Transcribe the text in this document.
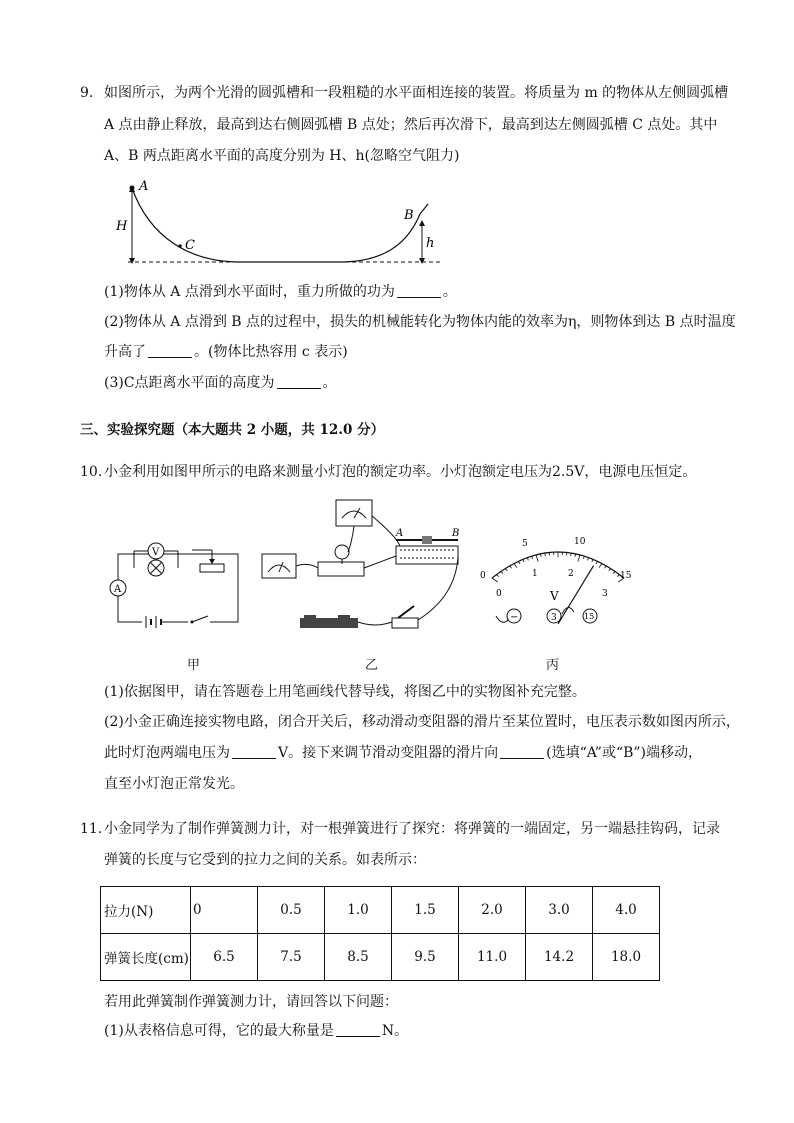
9. 如图所示，为两个光滑的圆弧槽和一段粗糙的水平面相连接的装置。将质量为 m 的物体从左侧圆弧槽
A 点由静止释放，最高到达右侧圆弧槽 B 点处；然后再次滑下，最高到达左侧圆弧槽 C 点处。其中
A、B 两点距离水平面的高度分别为 H、h(忽略空气阻力)
H
A
C
B
h
(1)物体从 A 点滑到水平面时，重力所做的功为	。
(2)物体从 A 点滑到 B 点的过程中，损失的机械能转化为物体内能的效率为η，则物体到达 B 点时温度
升高了	。(物体比热容用 c 表示)
(3)C点距离水平面的高度为	。
三、实验探究题（本大题共 2 小题，共 12.0 分）
10. 小金利用如图甲所示的电路来测量小灯泡的额定功率。小灯泡额定电压为2.5V，电源电压恒定。
V
A
A	B
0
5	10
15
0
1	2
3
V
−	3	15
甲	乙	丙
(1)依据图甲，请在答题卷上用笔画线代替导线，将图乙中的实物图补充完整。
(2)小金正确连接实物电路，闭合开关后，移动滑动变阻器的滑片至某位置时，电压表示数如图丙所示，
此时灯泡两端电压为	V。接下来调节滑动变阻器的滑片向	(选填“A”或“B”)端移动，
直至小灯泡正常发光。
11. 小金同学为了制作弹簧测力计，对一根弹簧进行了探究：将弹簧的一端固定，另一端悬挂钩码，记录
弹簧的长度与它受到的拉力之间的关系。如表所示：
拉力(N)	0	0.5	1.0	1.5	2.0	3.0	4.0
弹簧长度(cm)	6.5	7.5	8.5	9.5	11.0	14.2	18.0
若用此弹簧制作弹簧测力计，请回答以下问题：
(1)从表格信息可得，它的最大称量是	N。
